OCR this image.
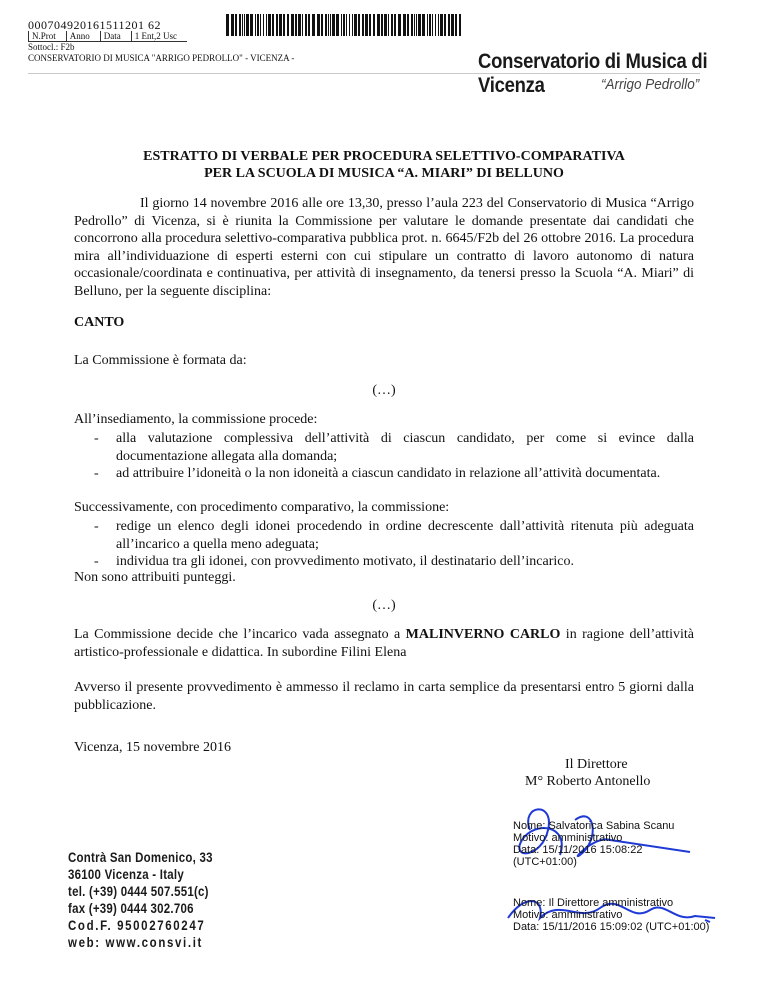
000704920161511201 62
N.Prot	Anno	Data	1 Ent,2 Usc
Sottocl.: F2b
CONSERVATORIO DI MUSICA "ARRIGO PEDROLLO" - VICENZA -	Conservatorio di Musica di Vicenza	“Arrigo Pedrollo”
ESTRATTO DI VERBALE PER PROCEDURA SELETTIVO-COMPARATIVA
PER LA SCUOLA DI MUSICA “A. MIARI” DI BELLUNO
Il giorno 14 novembre 2016 alle ore 13,30, presso l’aula 223 del Conservatorio di Musica “Arrigo Pedrollo” di Vicenza, si è riunita la Commissione per valutare le domande presentate dai candidati che concorrono alla procedura selettivo-comparativa pubblica prot. n. 6645/F2b del 26 ottobre 2016. La procedura mira all’individuazione di esperti esterni con cui stipulare un contratto di lavoro autonomo di natura occasionale/coordinata e continuativa, per attività di insegnamento, da tenersi presso la Scuola “A. Miari” di Belluno, per la seguente disciplina:
CANTO
La Commissione è formata da:
(…)
All’insediamento, la commissione procede:
- alla valutazione complessiva dell’attività di ciascun candidato, per come si evince dalla documentazione allegata alla domanda;
- ad attribuire l’idoneità o la non idoneità a ciascun candidato in relazione all’attività documentata.
Successivamente, con procedimento comparativo, la commissione:
- redige un elenco degli idonei procedendo in ordine decrescente dall’attività ritenuta più adeguata all’incarico a quella meno adeguata;
- individua tra gli idonei, con provvedimento motivato, il destinatario dell’incarico.
Non sono attribuiti punteggi.
(…)
La Commissione decide che l’incarico vada assegnato a MALINVERNO CARLO in ragione dell’attività artistico-professionale e didattica. In subordine Filini Elena
Avverso il presente provvedimento è ammesso il reclamo in carta semplice da presentarsi entro 5 giorni dalla pubblicazione.
Vicenza, 15 novembre 2016
Il Direttore
M° Roberto Antonello
Contrà San Domenico, 33
36100 Vicenza - Italy
tel. (+39) 0444 507.551(c)
fax (+39) 0444 302.706
Cod.F. 95002760247
web: www.consvi.it
Nome: Salvatorica Sabina Scanu
Motivo: amministrativo
Data: 15/11/2016 15:08:22
(UTC+01:00)
Nome: Il Direttore amministrativo
Motivo: amministrativo
Data: 15/11/2016 15:09:02 (UTC+01:00)
